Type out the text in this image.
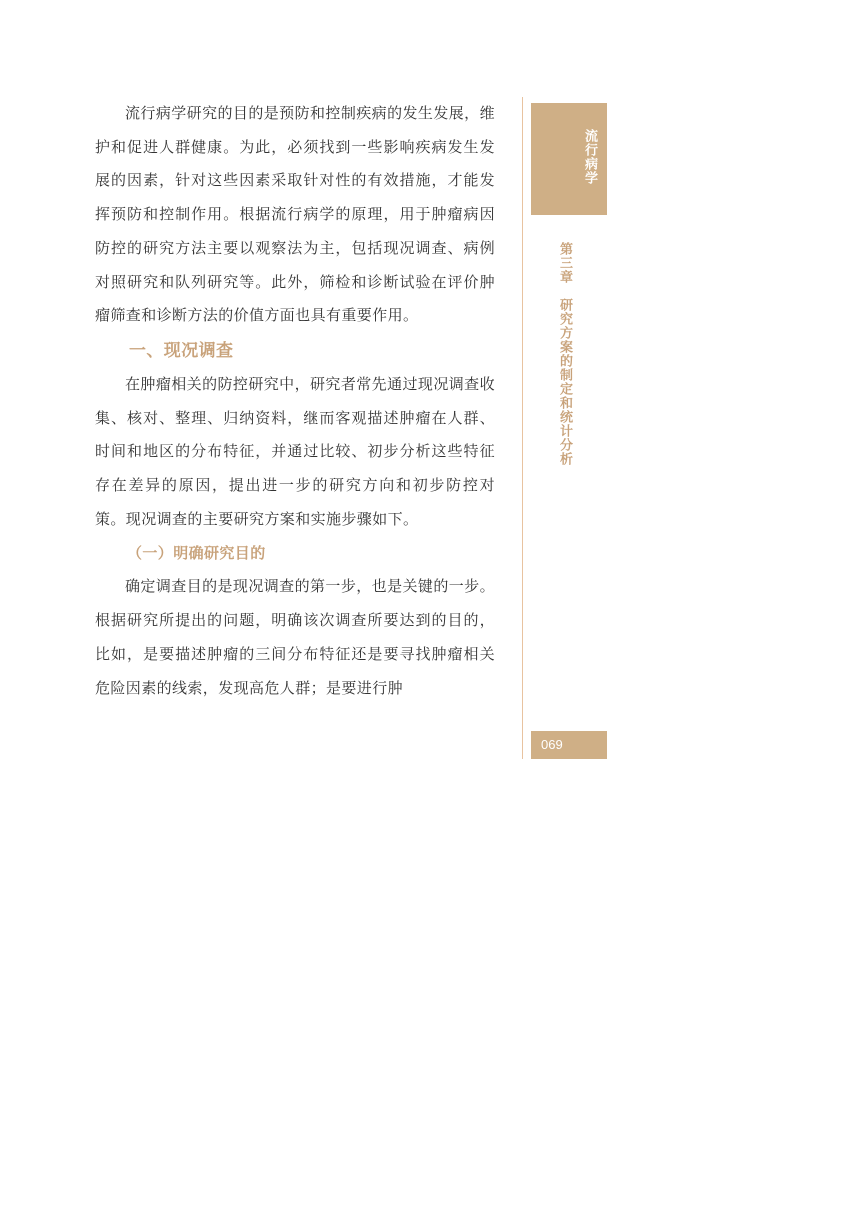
流行病学研究的目的是预防和控制疾病的发生发展，维护和促进人群健康。为此，必须找到一些影响疾病发生发展的因素，针对这些因素采取针对性的有效措施，才能发挥预防和控制作用。根据流行病学的原理，用于肿瘤病因防控的研究方法主要以观察法为主，包括现况调查、病例对照研究和队列研究等。此外，筛检和诊断试验在评价肿瘤筛查和诊断方法的价值方面也具有重要作用。

一、现况调查

在肿瘤相关的防控研究中，研究者常先通过现况调查收集、核对、整理、归纳资料，继而客观描述肿瘤在人群、时间和地区的分布特征，并通过比较、初步分析这些特征存在差异的原因，提出进一步的研究方向和初步防控对策。现况调查的主要研究方案和实施步骤如下。

（一）明确研究目的

确定调查目的是现况调查的第一步，也是关键的一步。根据研究所提出的问题，明确该次调查所要达到的目的，比如，是要描述肿瘤的三间分布特征还是要寻找肿瘤相关危险因素的线索，发现高危人群；是要进行肿

流行病学
第三章研究方案的制定和统计分析
069
